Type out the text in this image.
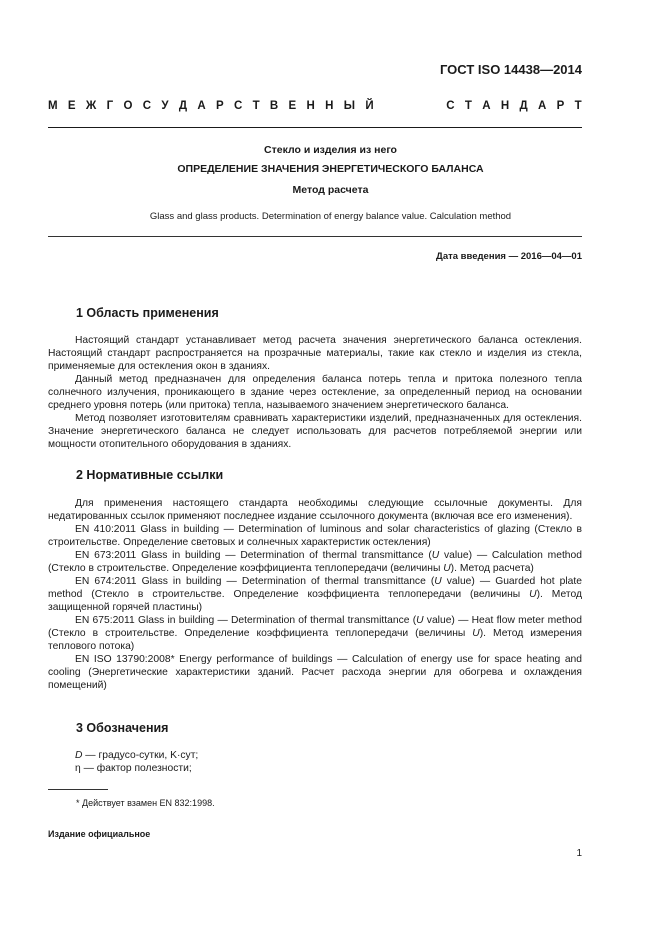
ГОСТ ISO 14438—2014
М Е Ж Г О С У Д А Р С Т В Е Н Н Ы Й	С Т А Н Д А Р Т
Стекло и изделия из него
ОПРЕДЕЛЕНИЕ ЗНАЧЕНИЯ ЭНЕРГЕТИЧЕСКОГО БАЛАНСА
Метод расчета
Glass and glass products. Determination of energy balance value. Calculation method
Дата введения — 2016—04—01
1 Область применения

Настоящий стандарт устанавливает метод расчета значения энергетического баланса остекления. Настоящий стандарт распространяется на прозрачные материалы, такие как стекло и изделия из стекла, применяемые для остекления окон в зданиях.

Данный метод предназначен для определения баланса потерь тепла и притока полезного тепла солнечного излучения, проникающего в здание через остекление, за определенный период на основании среднего уровня потерь (или притока) тепла, называемого значением энергетического баланса.

Метод позволяет изготовителям сравнивать характеристики изделий, предназначенных для остекления. Значение энергетического баланса не следует использовать для расчетов потребляемой энергии или мощности отопительного оборудования в зданиях.

2 Нормативные ссылки

Для применения настоящего стандарта необходимы следующие ссылочные документы. Для недатированных ссылок применяют последнее издание ссылочного документа (включая все его изменения).

EN 410:2011 Glass in building — Determination of luminous and solar characteristics of glazing (Стекло в строительстве. Определение световых и солнечных характеристик остекления)

EN 673:2011 Glass in building — Determination of thermal transmittance (U value) — Calculation method (Стекло в строительстве. Определение коэффициента теплопередачи (величины U). Метод расчета)

EN 674:2011 Glass in building — Determination of thermal transmittance (U value) — Guarded hot plate method (Стекло в строительстве. Определение коэффициента теплопередачи (величины U). Метод защищенной горячей пластины)

EN 675:2011 Glass in building — Determination of thermal transmittance (U value) — Heat flow meter method (Стекло в строительстве. Определение коэффициента теплопередачи (величины U). Метод измерения теплового потока)

EN ISO 13790:2008* Energy performance of buildings — Calculation of energy use for space heating and cooling (Энергетические характеристики зданий. Расчет расхода энергии для обогрева и охлаждения помещений)

3 Обозначения

D — градусо-сутки, K·сут;

η — фактор полезности;

* Действует взамен EN 832:1998.
Издание официальное
1
